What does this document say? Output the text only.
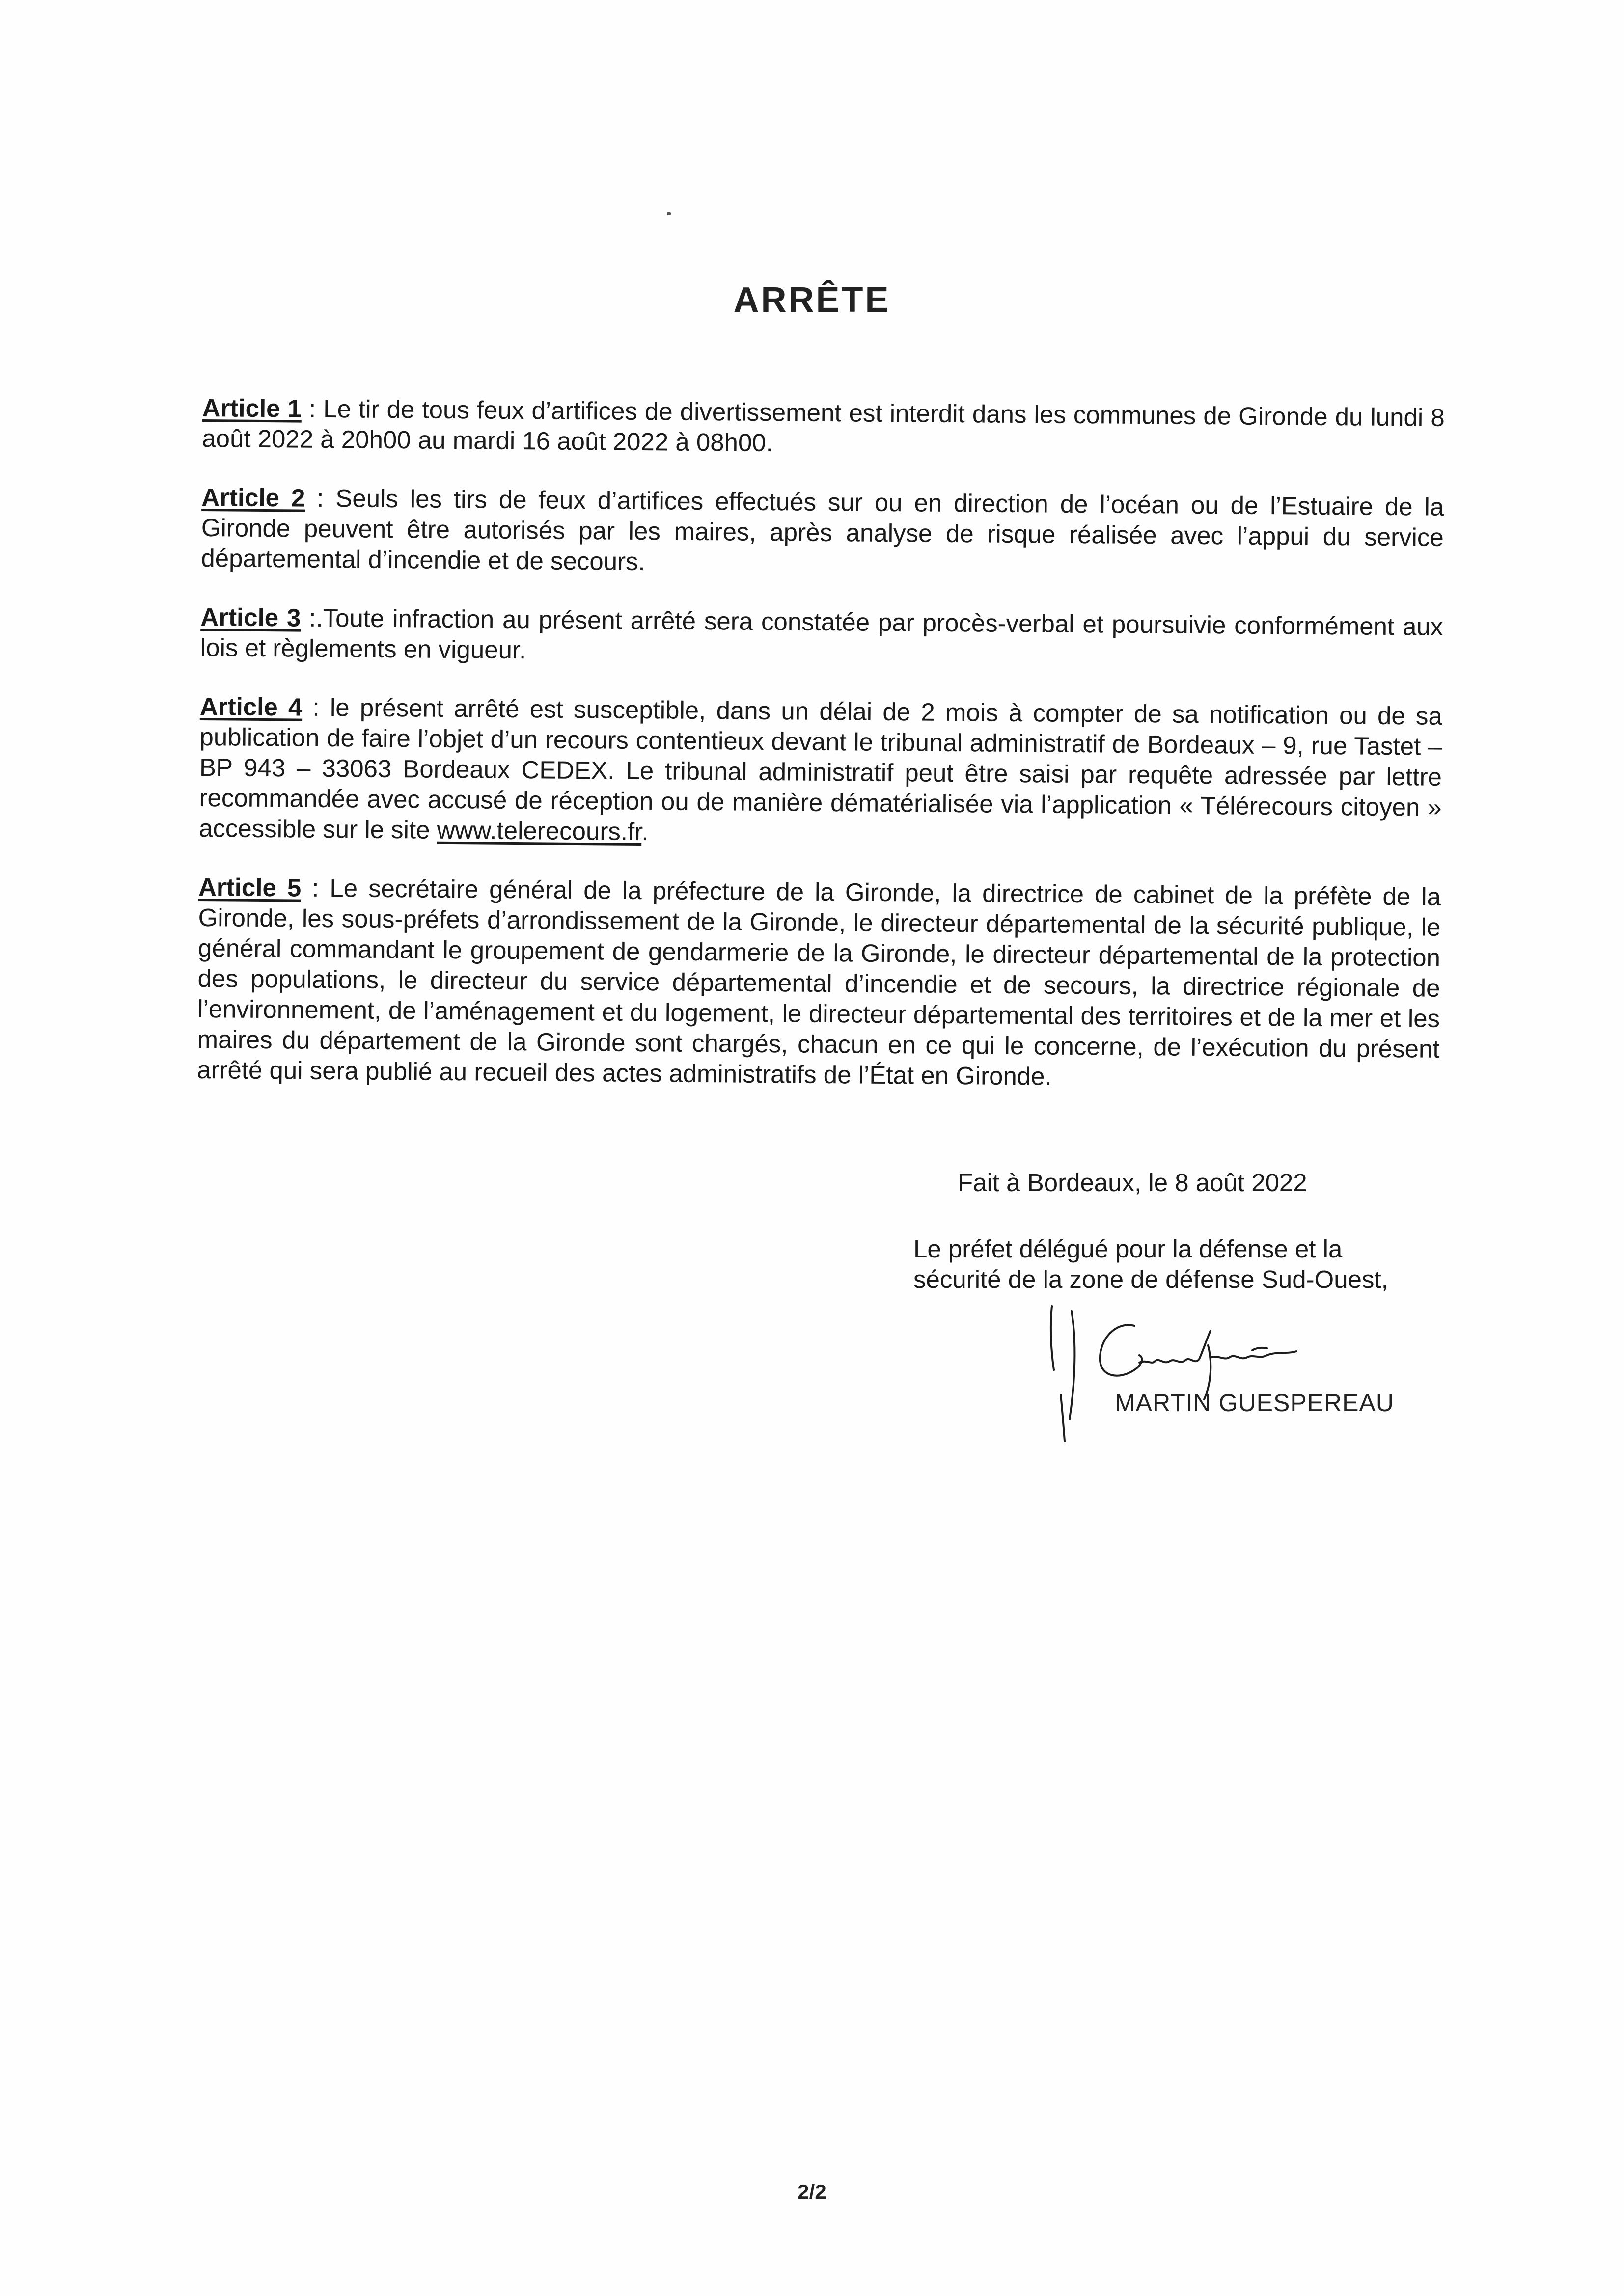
ARRÊTE

Article 1 : Le tir de tous feux d’artifices de divertissement est interdit dans les communes de Gironde du lundi 8 août 2022 à 20h00 au mardi 16 août 2022 à 08h00.

Article 2 : Seuls les tirs de feux d’artifices effectués sur ou en direction de l’océan ou de l’Estuaire de la Gironde peuvent être autorisés par les maires, après analyse de risque réalisée avec l’appui du service départemental d’incendie et de secours.

Article 3 :.Toute infraction au présent arrêté sera constatée par procès-verbal et poursuivie conformément aux lois et règlements en vigueur.

Article 4 : le présent arrêté est susceptible, dans un délai de 2 mois à compter de sa notification ou de sa publication de faire l’objet d’un recours contentieux devant le tribunal administratif de Bordeaux – 9, rue Tastet – BP 943 – 33063 Bordeaux CEDEX. Le tribunal administratif peut être saisi par requête adressée par lettre recommandée avec accusé de réception ou de manière dématérialisée via l’application « Télérecours citoyen » accessible sur le site www.telerecours.fr.

Article 5 : Le secrétaire général de la préfecture de la Gironde, la directrice de cabinet de la préfète de la Gironde, les sous-préfets d’arrondissement de la Gironde, le directeur départemental de la sécurité publique, le général commandant le groupement de gendarmerie de la Gironde, le directeur départemental de la protection des populations, le directeur du service départemental d’incendie et de secours, la directrice régionale de l’environnement, de l’aménagement et du logement, le directeur départemental des territoires et de la mer et les maires du département de la Gironde sont chargés, chacun en ce qui le concerne, de l’exécution du présent arrêté qui sera publié au recueil des actes administratifs de l’État en Gironde.

Fait à Bordeaux, le 8 août 2022
Le préfet délégué pour la défense et la
sécurité de la zone de défense Sud-Ouest,
MARTIN GUESPEREAU
2/2
